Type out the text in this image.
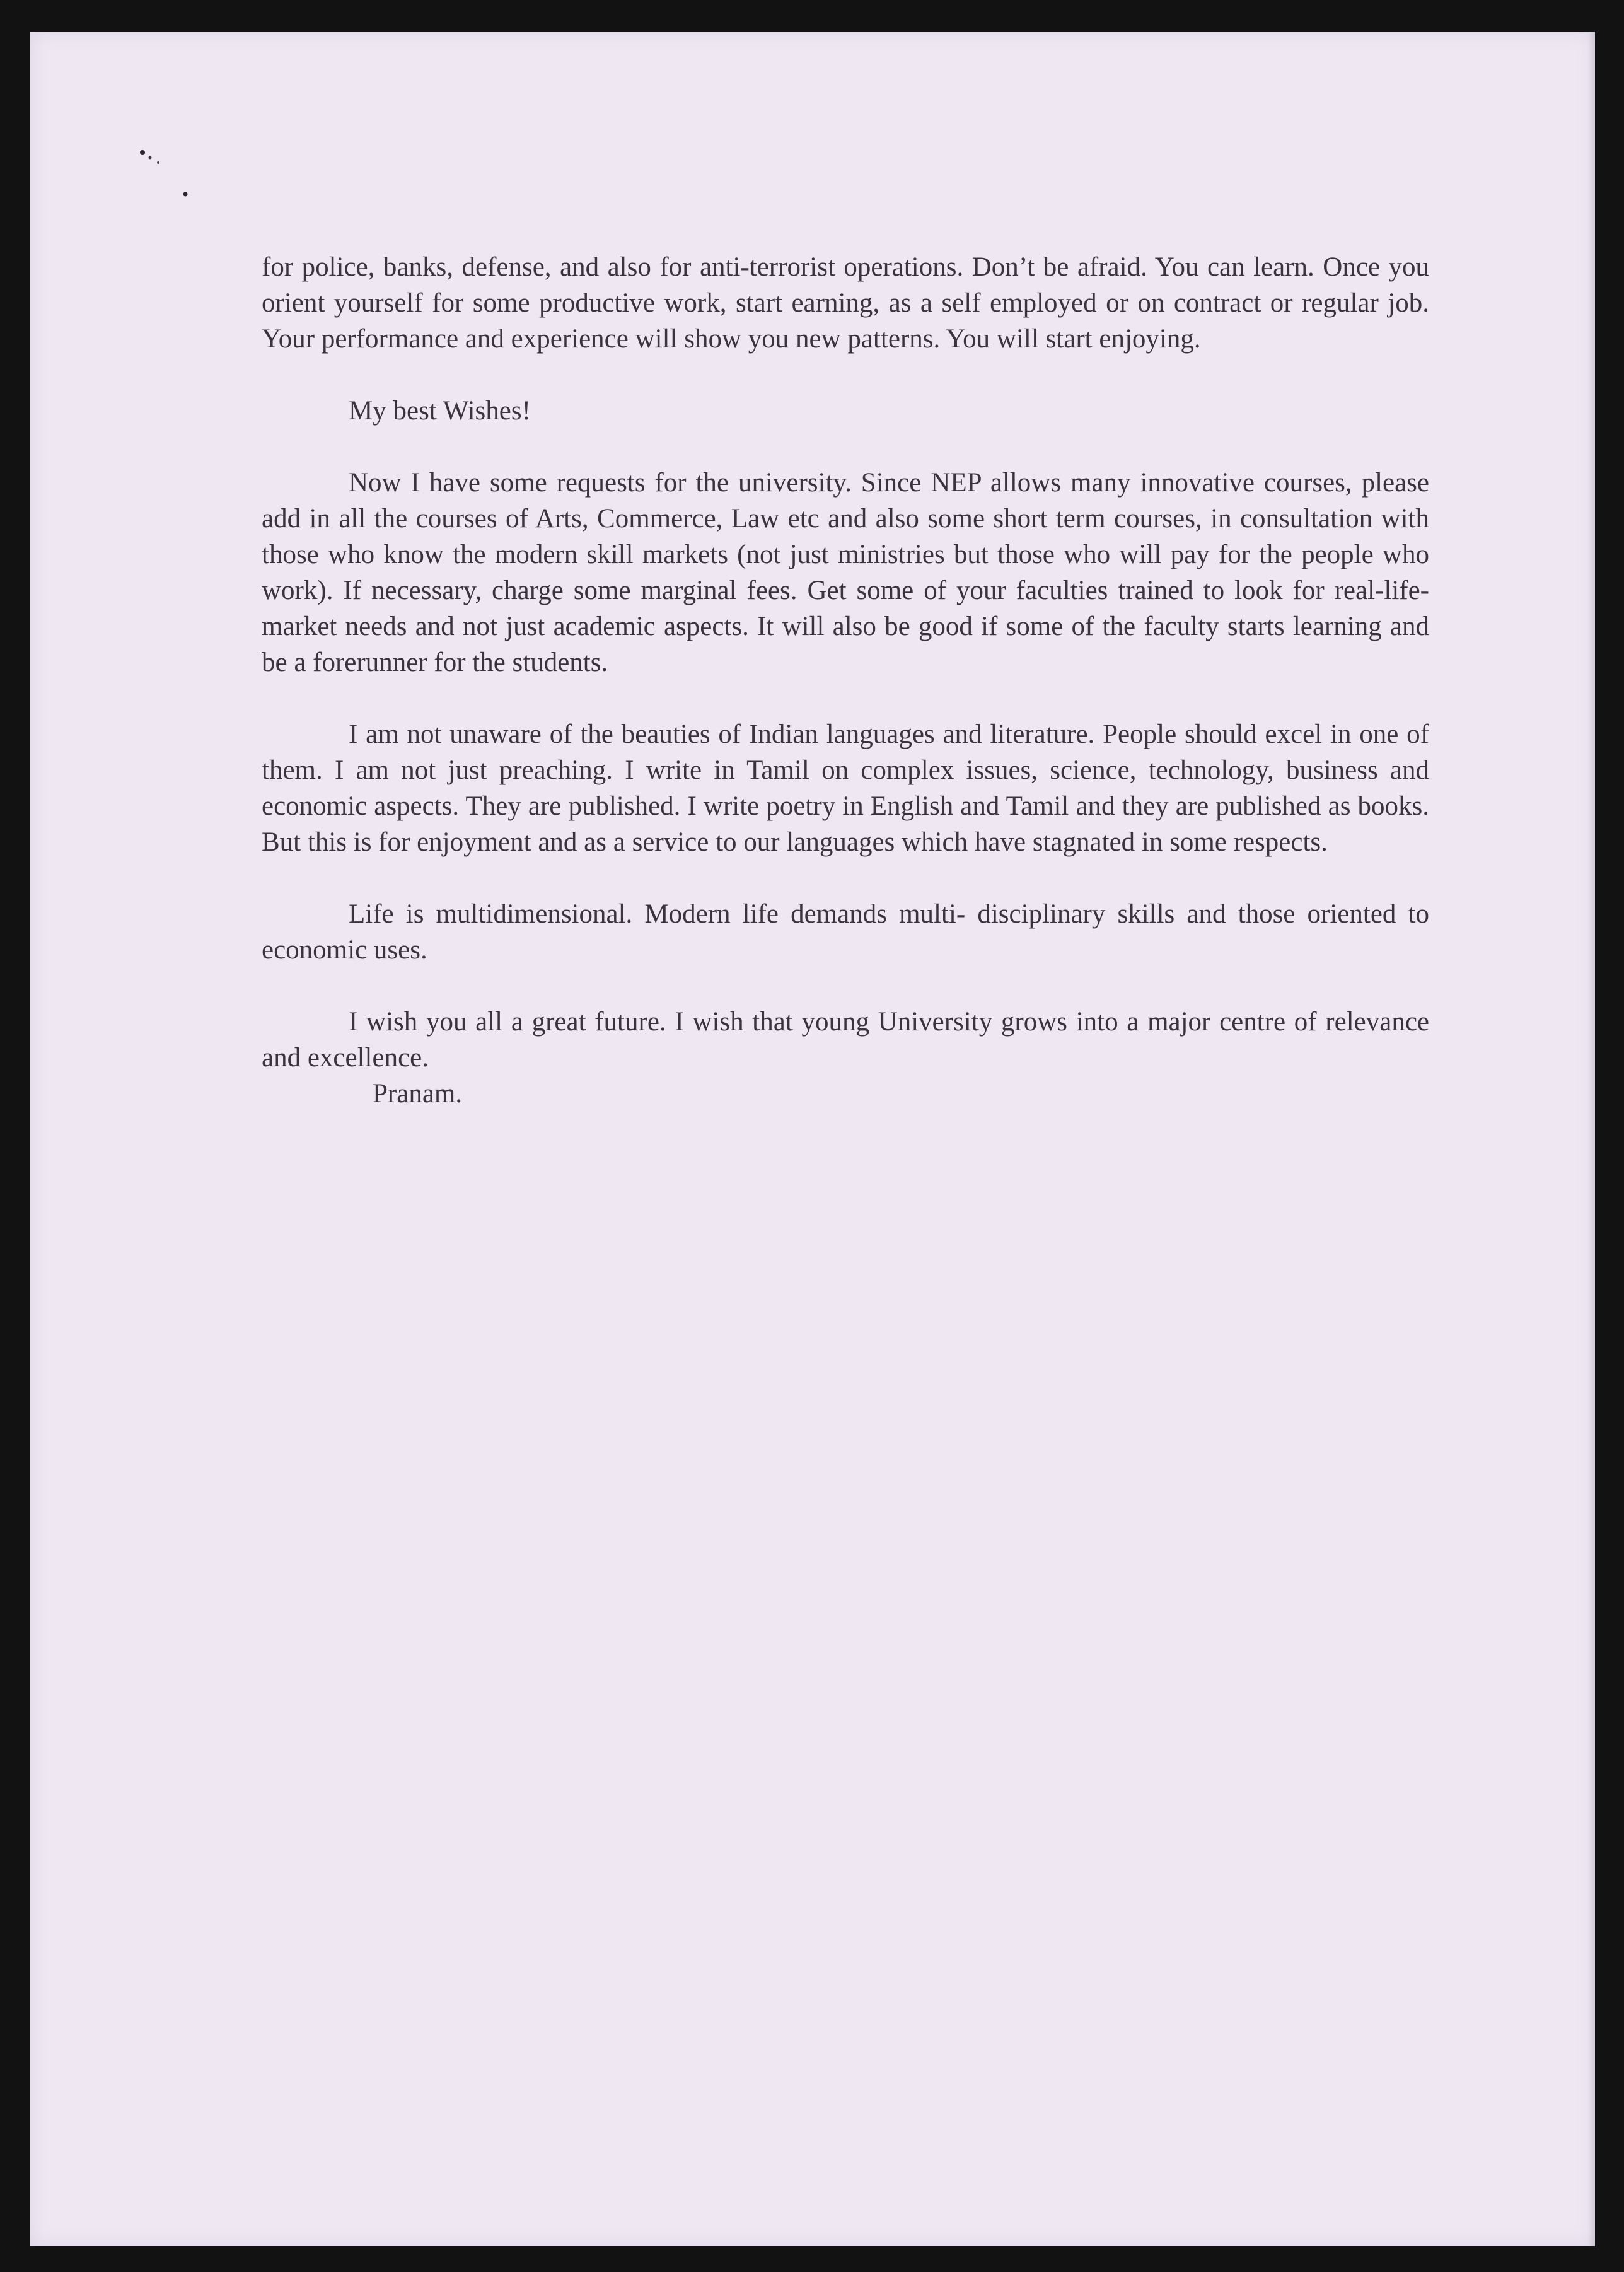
for police, banks, defense, and also for anti-terrorist operations. Don’t be afraid. You can learn. Once you orient yourself for some productive work, start earning, as a self employed or on contract or regular job. Your performance and experience will show you new patterns. You will start enjoying.

My best Wishes!

Now I have some requests for the university. Since NEP allows many innovative courses, please add in all the courses of Arts, Commerce, Law etc and also some short term courses, in consultation with those who know the modern skill markets (not just ministries but those who will pay for the people who work). If necessary, charge some marginal fees. Get some of your faculties trained to look for real-life-market needs and not just academic aspects. It will also be good if some of the faculty starts learning and be a forerunner for the students.

I am not unaware of the beauties of Indian languages and literature. People should excel in one of them. I am not just preaching. I write in Tamil on complex issues, science, technology, business and economic aspects. They are published. I write poetry in English and Tamil and they are published as books. But this is for enjoyment and as a service to our languages which have stagnated in some respects.

Life is multidimensional. Modern life demands multi- disciplinary skills and those oriented to economic uses.

I wish you all a great future. I wish that young University grows into a major centre of relevance and excellence.

Pranam.
